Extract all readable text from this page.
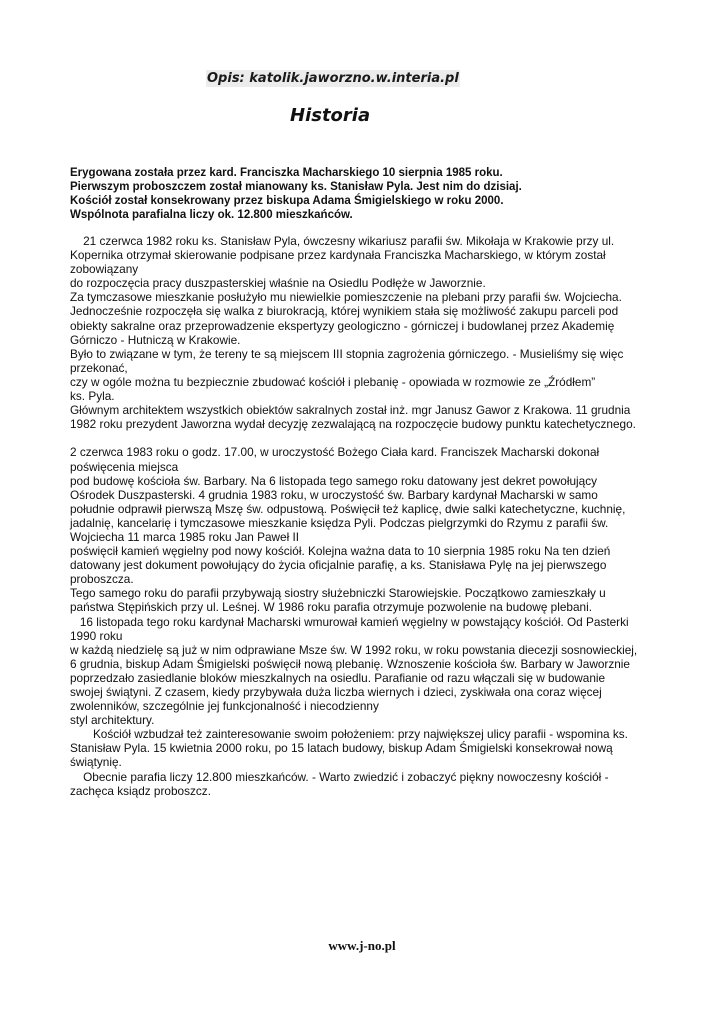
Opis: katolik.jaworzno.w.interia.pl
Historia
Erygowana została przez kard. Franciszka Macharskiego 10 sierpnia 1985 roku.
Pierwszym proboszczem został mianowany ks. Stanisław Pyla. Jest nim do dzisiaj.
Kościół został konsekrowany przez biskupa Adama Śmigielskiego w roku 2000.
Wspólnota parafialna liczy ok. 12.800 mieszkańców.
21 czerwca 1982 roku ks. Stanisław Pyla, ówczesny wikariusz parafii św. Mikołaja w Krakowie przy ul.
Kopernika otrzymał skierowanie podpisane przez kardynała Franciszka Macharskiego, w którym został
zobowiązany
do rozpoczęcia pracy duszpasterskiej właśnie na Osiedlu Podłęże w Jaworznie.
Za tymczasowe mieszkanie posłużyło mu niewielkie pomieszczenie na plebani przy parafii św. Wojciecha.
Jednocześnie rozpoczęła się walka z biurokracją, której wynikiem stała się możliwość zakupu parceli pod
obiekty sakralne oraz przeprowadzenie ekspertyzy geologiczno - górniczej i budowlanej przez Akademię
Górniczo - Hutniczą w Krakowie.
Było to związane w tym, że tereny te są miejscem III stopnia zagrożenia górniczego. - Musieliśmy się więc
przekonać,
czy w ogóle można tu bezpiecznie zbudować kościół i plebanię - opowiada w rozmowie ze „Źródłem”
ks. Pyla.
Głównym architektem wszystkich obiektów sakralnych został inż. mgr Janusz Gawor z Krakowa. 11 grudnia
1982 roku prezydent Jaworzna wydał decyzję zezwalającą na rozpoczęcie budowy punktu katechetycznego.
2 czerwca 1983 roku o godz. 17.00, w uroczystość Bożego Ciała kard. Franciszek Macharski dokonał
poświęcenia miejsca
pod budowę kościoła św. Barbary. Na 6 listopada tego samego roku datowany jest dekret powołujący
Ośrodek Duszpasterski. 4 grudnia 1983 roku, w uroczystość św. Barbary kardynał Macharski w samo
południe odprawił pierwszą Mszę św. odpustową. Poświęcił też kaplicę, dwie salki katechetyczne, kuchnię,
jadalnię, kancelarię i tymczasowe mieszkanie księdza Pyli. Podczas pielgrzymki do Rzymu z parafii św.
Wojciecha 11 marca 1985 roku Jan Paweł II
poświęcił kamień węgielny pod nowy kościół. Kolejna ważna data to 10 sierpnia 1985 roku Na ten dzień
datowany jest dokument powołujący do życia oficjalnie parafię, a ks. Stanisława Pylę na jej pierwszego
proboszcza.
Tego samego roku do parafii przybywają siostry służebniczki Starowiejskie. Początkowo zamieszkały u
państwa Stępińskich przy ul. Leśnej. W 1986 roku parafia otrzymuje pozwolenie na budowę plebani.
16 listopada tego roku kardynał Macharski wmurował kamień węgielny w powstający kościół. Od Pasterki
1990 roku
w każdą niedzielę są już w nim odprawiane Msze św. W 1992 roku, w roku powstania diecezji sosnowieckiej,
6 grudnia, biskup Adam Śmigielski poświęcił nową plebanię. Wznoszenie kościoła św. Barbary w Jaworznie
poprzedzało zasiedlanie bloków mieszkalnych na osiedlu. Parafianie od razu włączali się w budowanie
swojej świątyni. Z czasem, kiedy przybywała duża liczba wiernych i dzieci, zyskiwała ona coraz więcej
zwolenników, szczególnie jej funkcjonalność i niecodzienny
styl architektury.
Kościół wzbudzał też zainteresowanie swoim położeniem: przy największej ulicy parafii - wspomina ks.
Stanisław Pyla. 15 kwietnia 2000 roku, po 15 latach budowy, biskup Adam Śmigielski konsekrował nową
świątynię.
Obecnie parafia liczy 12.800 mieszkańców. - Warto zwiedzić i zobaczyć piękny nowoczesny kościół -
zachęca ksiądz proboszcz.
www.j-no.pl
